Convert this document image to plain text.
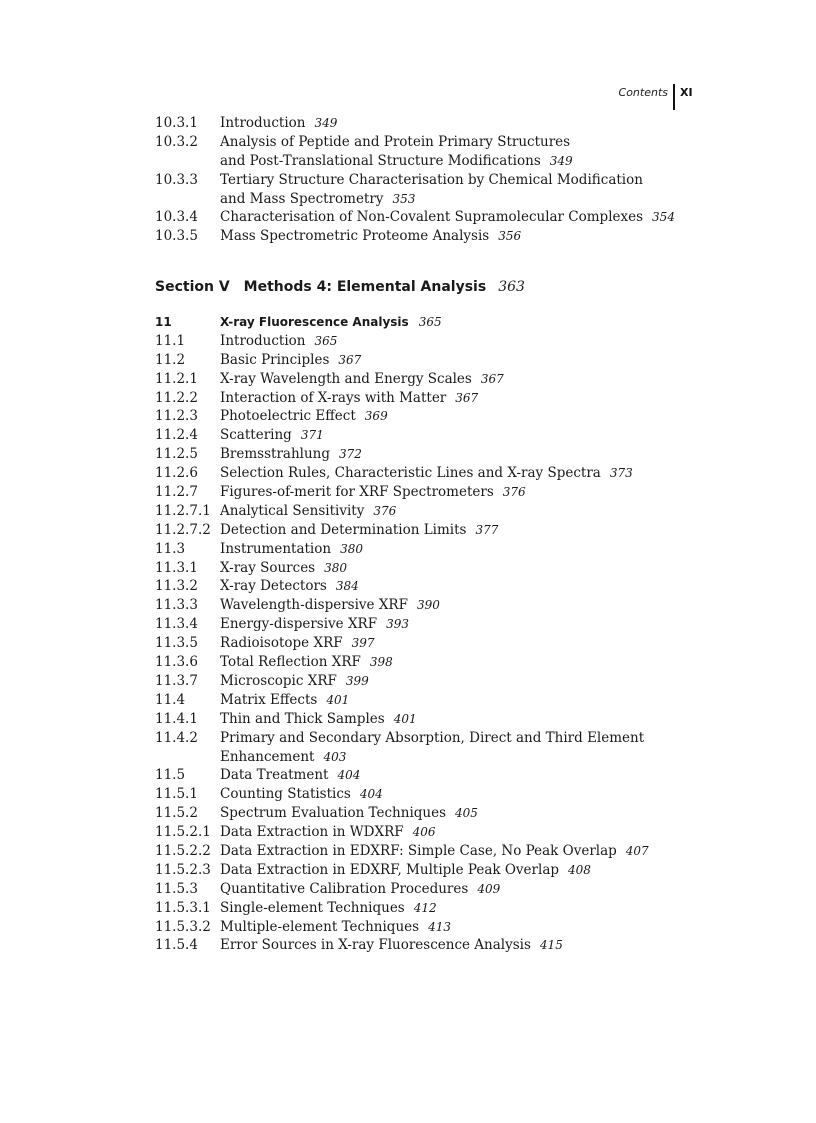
Contents XI
10.3.1 Introduction 349
10.3.2 Analysis of Peptide and Protein Primary Structures
and Post-Translational Structure Modifications 349
10.3.3 Tertiary Structure Characterisation by Chemical Modification
and Mass Spectrometry 353
10.3.4 Characterisation of Non-Covalent Supramolecular Complexes 354
10.3.5 Mass Spectrometric Proteome Analysis 356
Section V Methods 4: Elemental Analysis 363
11	X-ray Fluorescence Analysis 365
11.1	Introduction 365
11.2	Basic Principles 367
11.2.1 X-ray Wavelength and Energy Scales 367
11.2.2 Interaction of X-rays with Matter 367
11.2.3 Photoelectric Effect 369
11.2.4 Scattering 371
11.2.5 Bremsstrahlung 372
11.2.6 Selection Rules, Characteristic Lines and X-ray Spectra 373
11.2.7 Figures-of-merit for XRF Spectrometers 376
11.2.7.1 Analytical Sensitivity 376
11.2.7.2 Detection and Determination Limits 377
11.3	Instrumentation 380
11.3.1 X-ray Sources 380
11.3.2 X-ray Detectors 384
11.3.3 Wavelength-dispersive XRF 390
11.3.4 Energy-dispersive XRF 393
11.3.5 Radioisotope XRF 397
11.3.6 Total Reflection XRF 398
11.3.7 Microscopic XRF 399
11.4	Matrix Effects 401
11.4.1 Thin and Thick Samples 401
11.4.2 Primary and Secondary Absorption, Direct and Third Element
Enhancement 403
11.5	Data Treatment 404
11.5.1 Counting Statistics 404
11.5.2 Spectrum Evaluation Techniques 405
11.5.2.1 Data Extraction in WDXRF 406
11.5.2.2 Data Extraction in EDXRF: Simple Case, No Peak Overlap 407
11.5.2.3 Data Extraction in EDXRF, Multiple Peak Overlap 408
11.5.3 Quantitative Calibration Procedures 409
11.5.3.1 Single-element Techniques 412
11.5.3.2 Multiple-element Techniques 413
11.5.4 Error Sources in X-ray Fluorescence Analysis 415
